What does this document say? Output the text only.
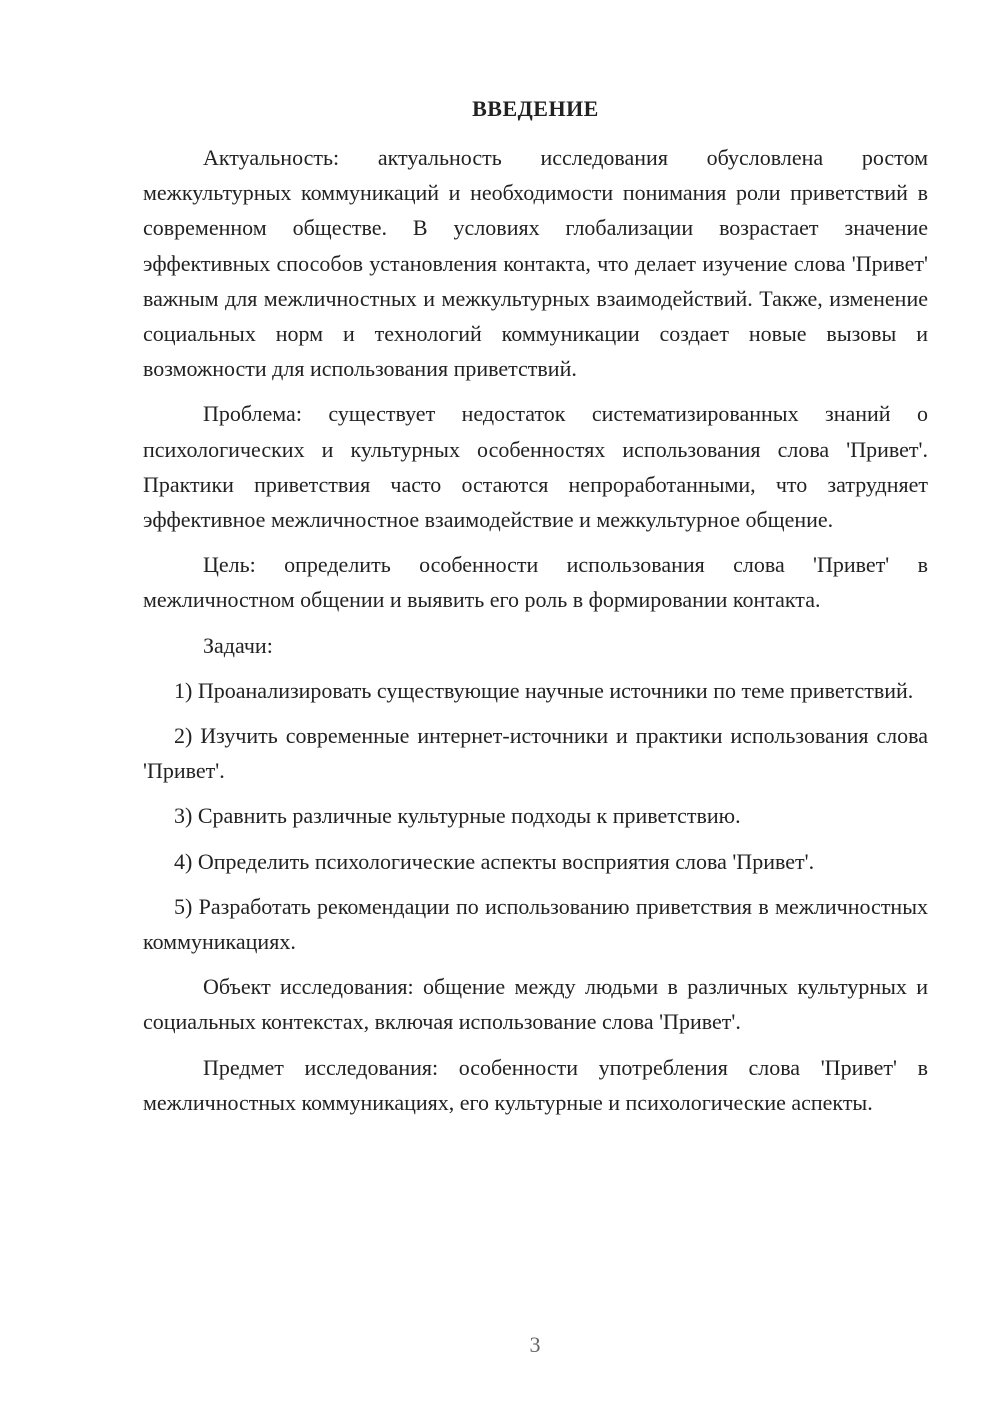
ВВЕДЕНИЕ

Актуальность: актуальность исследования обусловлена ростом межкультурных коммуникаций и необходимости понимания роли приветствий в современном обществе. В условиях глобализации возрастает значение эффективных способов установления контакта, что делает изучение слова 'Привет' важным для межличностных и межкультурных взаимодействий. Также, изменение социальных норм и технологий коммуникации создает новые вызовы и возможности для использования приветствий.

Проблема: существует недостаток систематизированных знаний о психологических и культурных особенностях использования слова 'Привет'. Практики приветствия часто остаются непроработанными, что затрудняет эффективное межличностное взаимодействие и межкультурное общение.

Цель: определить особенности использования слова 'Привет' в межличностном общении и выявить его роль в формировании контакта.

Задачи:

1) Проанализировать существующие научные источники по теме приветствий.

2) Изучить современные интернет-источники и практики использования слова 'Привет'.

3) Сравнить различные культурные подходы к приветствию.

4) Определить психологические аспекты восприятия слова 'Привет'.

5) Разработать рекомендации по использованию приветствия в межличностных коммуникациях.

Объект исследования: общение между людьми в различных культурных и социальных контекстах, включая использование слова 'Привет'.

Предмет исследования: особенности употребления слова 'Привет' в межличностных коммуникациях, его культурные и психологические аспекты.

3
